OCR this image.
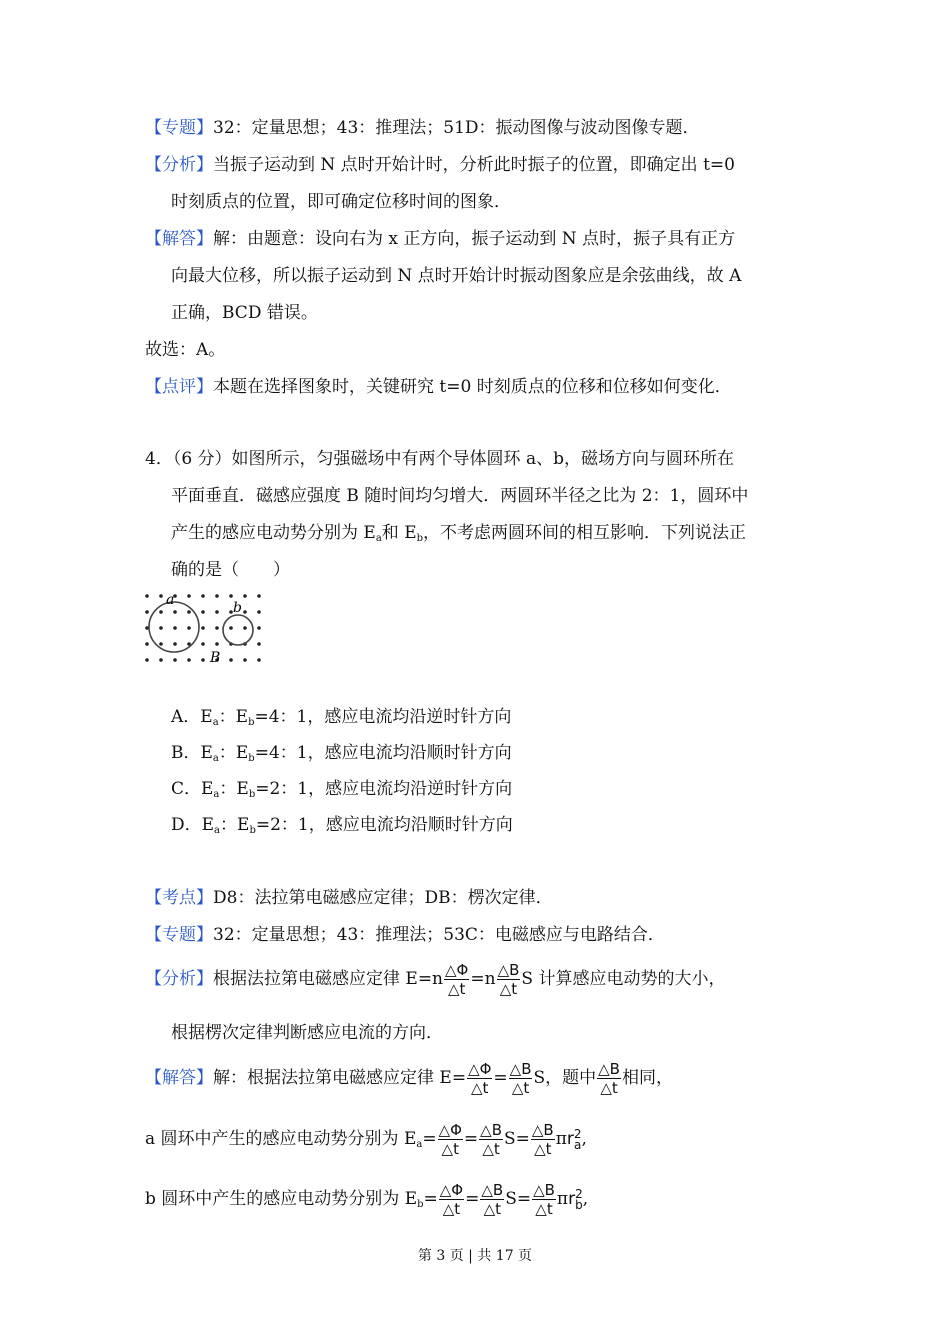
【专题】32：定量思想；43：推理法；51D：振动图像与波动图像专题．
【分析】当振子运动到 N 点时开始计时，分析此时振子的位置，即确定出 t=0
时刻质点的位置，即可确定位移时间的图象．
【解答】解：由题意：设向右为 x 正方向，振子运动到 N 点时，振子具有正方
向最大位移，所以振子运动到 N 点时开始计时振动图象应是余弦曲线，故 A
正确，BCD 错误。
故选：A。
【点评】本题在选择图象时，关键研究 t=0 时刻质点的位移和位移如何变化．
4．（6 分）如图所示，匀强磁场中有两个导体圆环 a、b，磁场方向与圆环所在
平面垂直．磁感应强度 B 随时间均匀增大．两圆环半径之比为 2：1，圆环中
产生的感应电动势分别为 $E_a$和 $E_b$，不考虑两圆环间的相互影响．下列说法正
确的是（　　）
a	b
B
A．$E_a$：$E_b=4$：1，感应电流均沿逆时针方向
B．$E_a$：$E_b=4$：1，感应电流均沿顺时针方向
C．$E_a$：$E_b=2$：1，感应电流均沿逆时针方向
D．$E_a$：$E_b=2$：1，感应电流均沿顺时针方向
【考点】D8：法拉第电磁感应定律；DB：楞次定律．
【专题】32：定量思想；43：推理法；53C：电磁感应与电路结合．
【分析】根据法拉第电磁感应定律 $E=n \frac{\triangle\Phi}{\triangle t} =n \frac{\triangle B}{\triangle t}$ S 计算感应电动势的大小，
根据楞次定律判断感应电流的方向．
【解答】解：根据法拉第电磁感应定律 $E= \frac{\triangle\Phi}{\triangle t} = \frac{\triangle B}{\triangle t}$ S，题中 $\frac{\triangle B}{\triangle t}$ 相同，
a 圆环中产生的感应电动势分别为 $E_a= \frac{\triangle\Phi}{\triangle t} = \frac{\triangle B}{\triangle t} S= \frac{\triangle B}{\triangle t}$ πr 2
a ,
b 圆环中产生的感应电动势分别为 $E_b= \frac{\triangle\Phi}{\triangle t} = \frac{\triangle B}{\triangle t} S= \frac{\triangle B}{\triangle t}$ πr 2
b ,
第 3 页 | 共 17 页
